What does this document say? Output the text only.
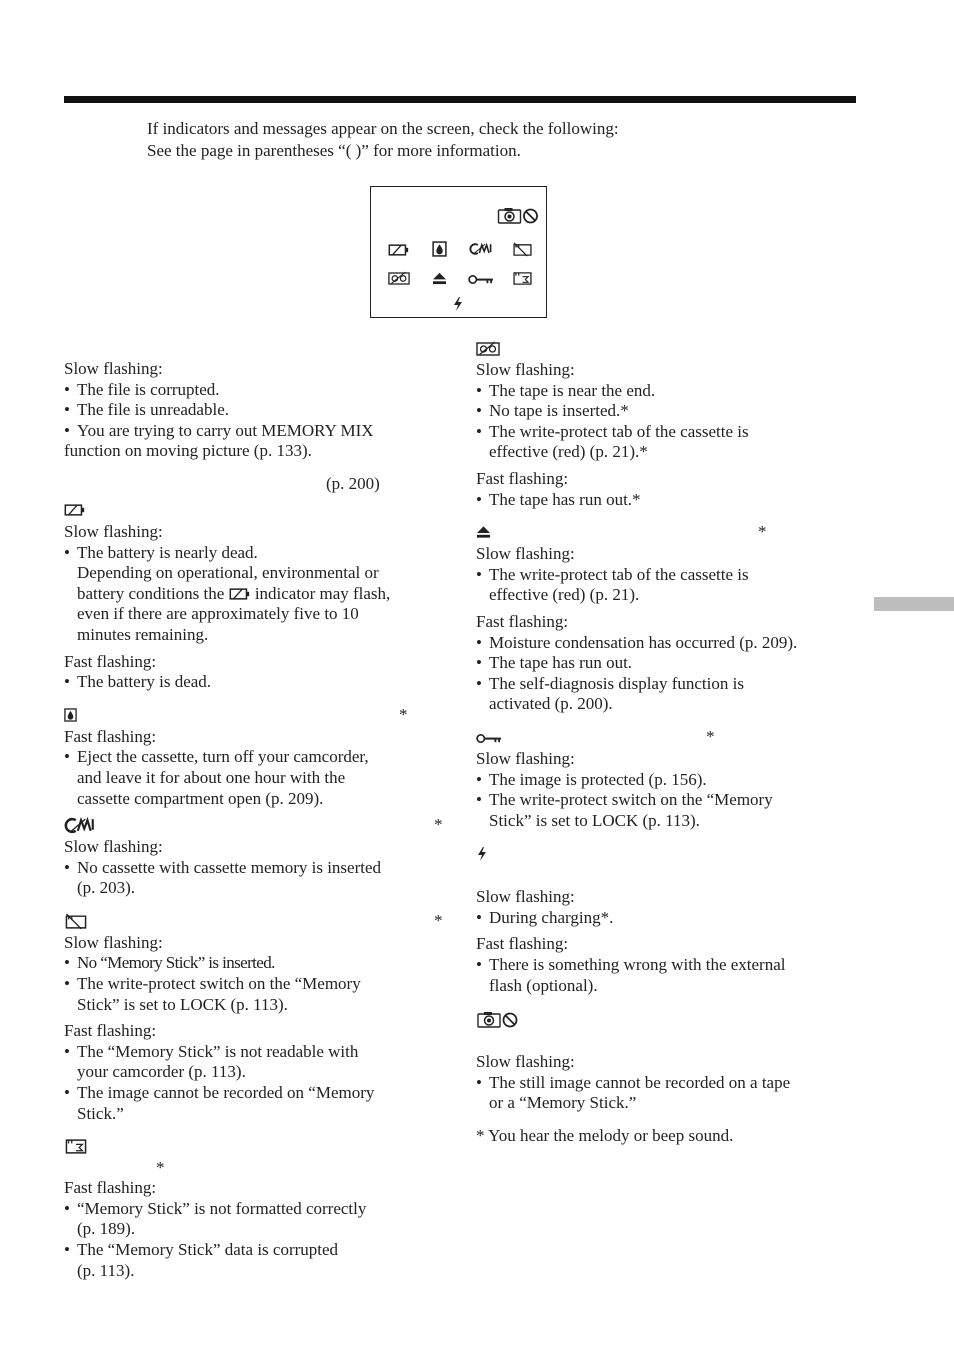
If indicators and messages appear on the screen, check the following:
See the page in parentheses “( )” for more information.
Slow flashing:
• The file is corrupted.
• The file is unreadable.
• You are trying to carry out MEMORY MIX
function on moving picture (p. 133).
(p. 200)
Slow flashing:
• The battery is nearly dead.
Depending on operational, environmental or
battery conditions the indicator may flash,
even if there are approximately five to 10
minutes remaining.
Fast flashing:
• The battery is dead.
*
Fast flashing:
• Eject the cassette, turn off your camcorder,
and leave it for about one hour with the
cassette compartment open (p. 209).
*
Slow flashing:
• No cassette with cassette memory is inserted
(p. 203).
*
Slow flashing:
• No “Memory Stick” is inserted.
• The write-protect switch on the “Memory
Stick” is set to LOCK (p. 113).
Fast flashing:
• The “Memory Stick” is not readable with
your camcorder (p. 113).
• The image cannot be recorded on “Memory
Stick.”
*
Fast flashing:
• “Memory Stick” is not formatted correctly
(p. 189).
• The “Memory Stick” data is corrupted
(p. 113).
Slow flashing:
• The tape is near the end.
• No tape is inserted.*
• The write-protect tab of the cassette is
effective (red) (p. 21).*
Fast flashing:
• The tape has run out.*
*
Slow flashing:
• The write-protect tab of the cassette is
effective (red) (p. 21).
Fast flashing:
• Moisture condensation has occurred (p. 209).
• The tape has run out.
• The self-diagnosis display function is
activated (p. 200).
*
Slow flashing:
• The image is protected (p. 156).
• The write-protect switch on the “Memory
Stick” is set to LOCK (p. 113).
Slow flashing:
• During charging*.
Fast flashing:
• There is something wrong with the external
flash (optional).
Slow flashing:
• The still image cannot be recorded on a tape
or a “Memory Stick.”
* You hear the melody or beep sound.
